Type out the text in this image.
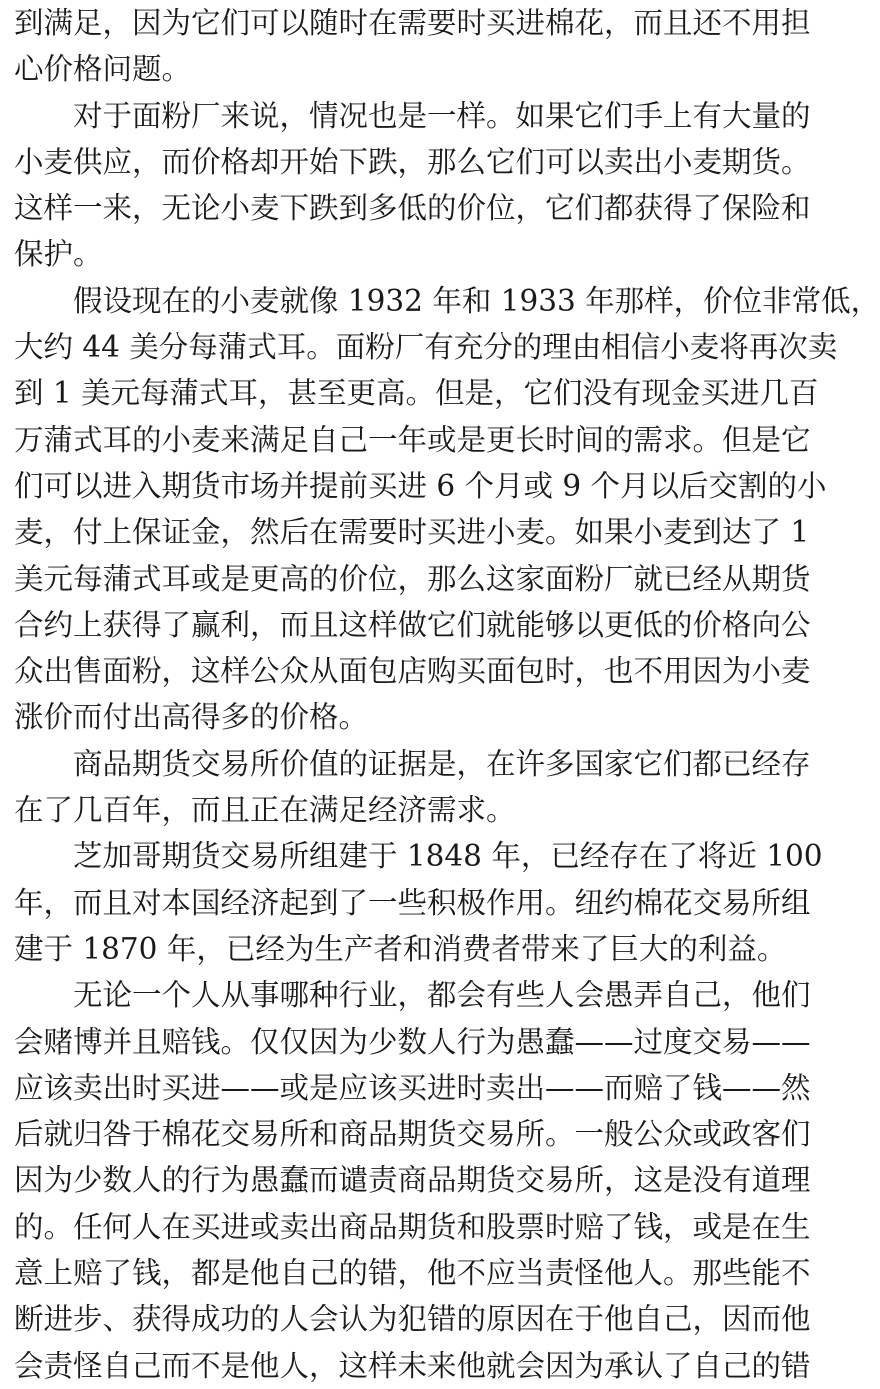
到满足，因为它们可以随时在需要时买进棉花，而且还不用担
心价格问题。
对于面粉厂来说，情况也是一样。如果它们手上有大量的
小麦供应，而价格却开始下跌，那么它们可以卖出小麦期货。
这样一来，无论小麦下跌到多低的价位，它们都获得了保险和
保护。
假设现在的小麦就像 1932 年和 1933 年那样，价位非常低，
大约 44 美分每蒲式耳。面粉厂有充分的理由相信小麦将再次卖
到 1 美元每蒲式耳，甚至更高。但是，它们没有现金买进几百
万蒲式耳的小麦来满足自己一年或是更长时间的需求。但是它
们可以进入期货市场并提前买进 6 个月或 9 个月以后交割的小
麦，付上保证金，然后在需要时买进小麦。如果小麦到达了 1
美元每蒲式耳或是更高的价位，那么这家面粉厂就已经从期货
合约上获得了赢利，而且这样做它们就能够以更低的价格向公
众出售面粉，这样公众从面包店购买面包时，也不用因为小麦
涨价而付出高得多的价格。
商品期货交易所价值的证据是，在许多国家它们都已经存
在了几百年，而且正在满足经济需求。
芝加哥期货交易所组建于 1848 年，已经存在了将近 100
年，而且对本国经济起到了一些积极作用。纽约棉花交易所组
建于 1870 年，已经为生产者和消费者带来了巨大的利益。
无论一个人从事哪种行业，都会有些人会愚弄自己，他们
会赌博并且赔钱。仅仅因为少数人行为愚蠢——过度交易——
应该卖出时买进——或是应该买进时卖出——而赔了钱——然
后就归咎于棉花交易所和商品期货交易所。一般公众或政客们
因为少数人的行为愚蠢而谴责商品期货交易所，这是没有道理
的。任何人在买进或卖出商品期货和股票时赔了钱，或是在生
意上赔了钱，都是他自己的错，他不应当责怪他人。那些能不
断进步、获得成功的人会认为犯错的原因在于他自己，因而他
会责怪自己而不是他人，这样未来他就会因为承认了自己的错
